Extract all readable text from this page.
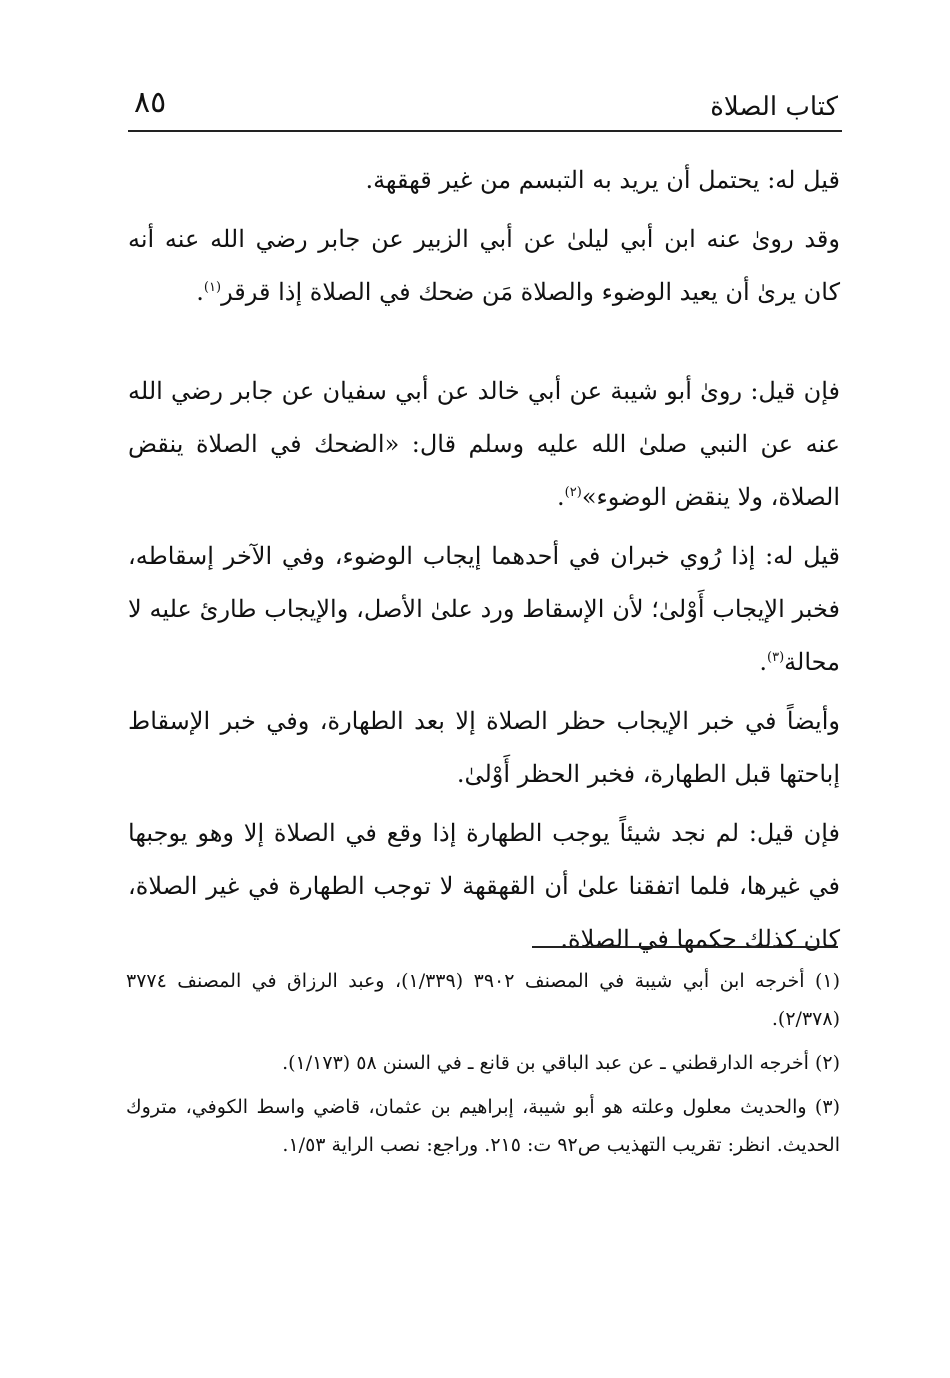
كتاب الصلاة
٨٥

قيل له: يحتمل أن يريد به التبسم من غير قهقهة.

وقد روىٰ عنه ابن أبي ليلىٰ عن أبي الزبير عن جابر رضي الله عنه أنه كان يرىٰ أن يعيد الوضوء والصلاة مَن ضحك في الصلاة إذا قرقر$^{(١)}$.

فإن قيل: روىٰ أبو شيبة عن أبي خالد عن أبي سفيان عن جابر رضي الله عنه عن النبي صلىٰ الله عليه وسلم قال: «الضحك في الصلاة ينقض الصلاة، ولا ينقض الوضوء»$^{(٢)}$.

قيل له: إذا رُوي خبران في أحدهما إيجاب الوضوء، وفي الآخر إسقاطه، فخبر الإيجاب أَوْلىٰ؛ لأن الإسقاط ورد علىٰ الأصل، والإيجاب طارئ عليه لا محالة$^{(٣)}$.

وأيضاً في خبر الإيجاب حظر الصلاة إلا بعد الطهارة، وفي خبر الإسقاط إباحتها قبل الطهارة، فخبر الحظر أَوْلىٰ.

فإن قيل: لم نجد شيئاً يوجب الطهارة إذا وقع في الصلاة إلا وهو يوجبها في غيرها، فلما اتفقنا علىٰ أن القهقهة لا توجب الطهارة في غير الصلاة، كان كذلك حكمها في الصلاة.

(١) أخرجه ابن أبي شيبة في المصنف ٣٩٠٢ (١/٣٣٩)، وعبد الرزاق في المصنف ٣٧٧٤ (٢/٣٧٨).

(٢) أخرجه الدارقطني ـ عن عبد الباقي بن قانع ـ في السنن ٥٨ (١/١٧٣).

(٣) والحديث معلول وعلته هو أبو شيبة، إبراهيم بن عثمان، قاضي واسط الكوفي، متروك الحديث. انظر: تقريب التهذيب ص٩٢ ت: ٢١٥. وراجع: نصب الراية ١/٥٣.
